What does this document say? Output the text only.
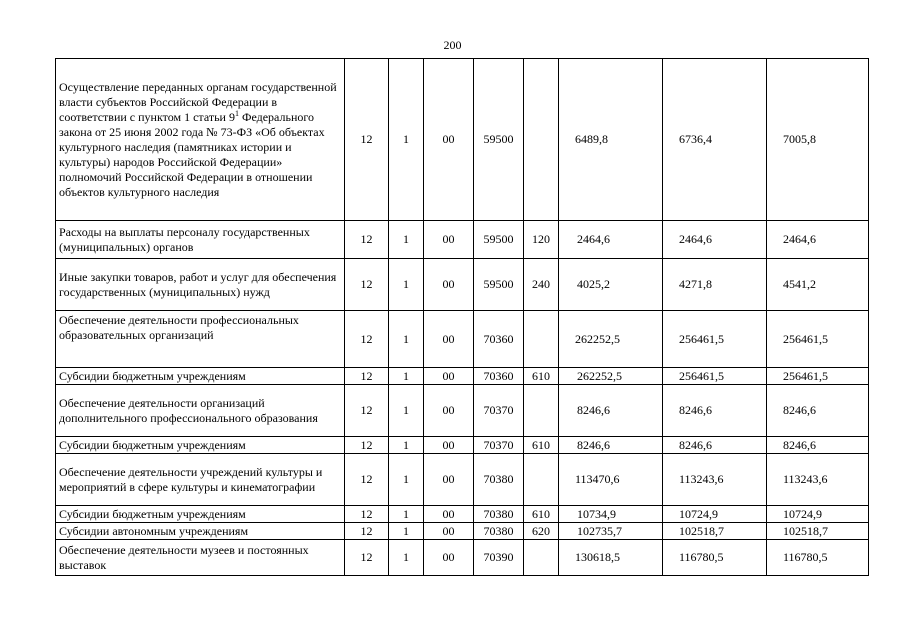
200
Осуществление переданных органам государственной власти субъектов Российской Федерации в соответствии с пунктом 1 статьи $9^1$ Федерального закона от 25 июня 2002 года № 73-ФЗ «Об объектах культурного наследия (памятниках истории и культуры) народов Российской Федерации» полномочий Российской Федерации в отношении объектов культурного наследия	12	1	00	59500		6489,8	6736,4	7005,8
Расходы на выплаты персоналу государственных (муниципальных) органов	12	1	00	59500	120	2464,6	2464,6	2464,6
Иные закупки товаров, работ и услуг для обеспечения государственных (муниципальных) нужд	12	1	00	59500	240	4025,2	4271,8	4541,2
Обеспечение деятельности профессиональных образовательных организаций	12	1	00	70360		262252,5	256461,5	256461,5
Субсидии бюджетным учреждениям	12	1	00	70360	610	262252,5	256461,5	256461,5
Обеспечение деятельности организаций дополнительного профессионального образования	12	1	00	70370		8246,6	8246,6	8246,6
Субсидии бюджетным учреждениям	12	1	00	70370	610	8246,6	8246,6	8246,6
Обеспечение деятельности учреждений культуры и мероприятий в сфере культуры и кинематографии	12	1	00	70380		113470,6	113243,6	113243,6
Субсидии бюджетным учреждениям	12	1	00	70380	610	10734,9	10724,9	10724,9
Субсидии автономным учреждениям	12	1	00	70380	620	102735,7	102518,7	102518,7
Обеспечение деятельности музеев и постоянных выставок	12	1	00	70390		130618,5	116780,5	116780,5
